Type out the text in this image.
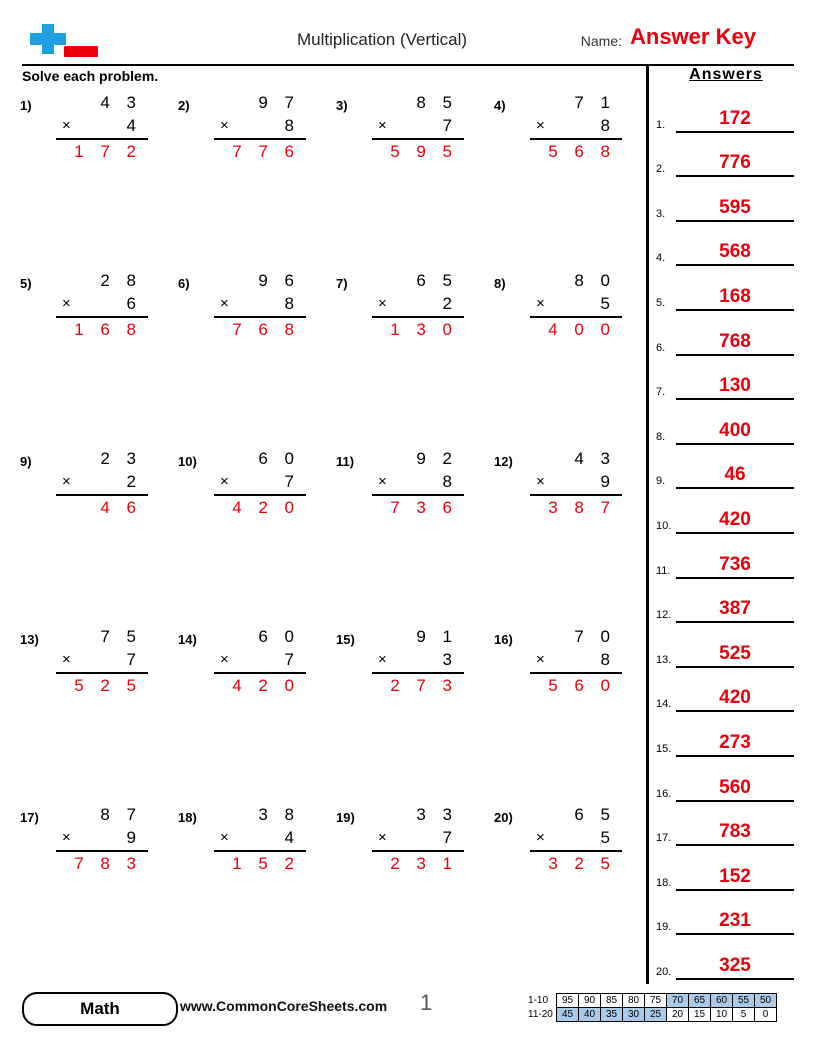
Multiplication (Vertical)	Name: Answer Key
Solve each problem.
1)	4 3
×	4
1 7 2
2)	9 7
×	8
7 7 6
3)	8 5
×	7
5 9 5
4)	7 1
×	8
5 6 8
5)	2 8
×	6
1 6 8
6)	9 6
×	8
7 6 8
7)	6 5
×	2
1 3 0
8)	8 0
×	5
4 0 0
9)	2 3
×	2
4 6
10)	6 0
×	7
4 2 0
11)	9 2
×	8
7 3 6
12)	4 3
×	9
3 8 7
13)	7 5
×	7
5 2 5
14)	6 0
×	7
4 2 0
15)	9 1
×	3
2 7 3
16)	7 0
×	8
5 6 0
17)	8 7
×	9
7 8 3
18)	3 8
×	4
1 5 2
19)	3 3
×	7
2 3 1
20)	6 5
×	5
3 2 5
Answers
1.	172
2.	776
3.	595
4.	568
5.	168
6.	768
7.	130
8.	400
9.	46
10.	420
11.	736
12.	387
13.	525
14.	420
15.	273
16.	560
17.	783
18.	152
19.	231
20.	325
Math	www.CommonCoreSheets.com 1	1-10	95	90	85	80	75	70	65	60	55	50
11-20	45	40	35	30	25	20	15	10	5	0
